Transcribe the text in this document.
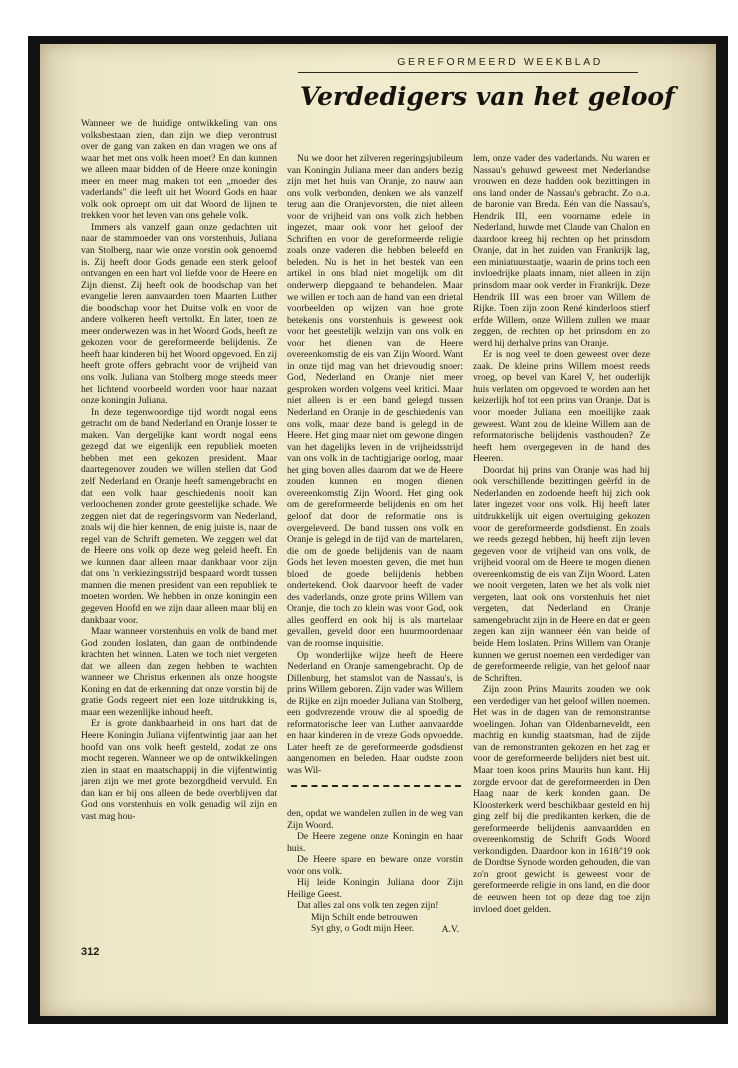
GEREFORMEERD WEEKBLAD
Verdedigers van het geloof

Wanneer we de huidige ontwikkeling van ons volksbestaan zien, dan zijn we diep verontrust over de gang van zaken en dan vragen we ons af waar het met ons volk heen moet? En dan kunnen we alleen maar bidden of de Heere onze koningin meer en meer mag maken tot een „moeder des vaderlands" die leeft uit het Woord Gods en haar volk ook oproept om uit dat Woord de lijnen te trekken voor het leven van ons gehele volk.

Immers als vanzelf gaan onze gedachten uit naar de stammoeder van ons vorstenhuis, Juliana van Stolberg, naar wie onze vorstin ook genoemd is. Zij heeft door Gods genade een sterk geloof ontvangen en een hart vol liefde voor de Heere en Zijn dienst. Zij heeft ook de boodschap van het evangelie leren aanvaarden toen Maarten Luther die boodschap voor het Duitse volk en voor de andere volkeren heeft vertolkt. En later, toen ze meer onderwezen was in het Woord Gods, heeft ze gekozen voor de gereformeerde belijdenis. Ze heeft haar kinderen bij het Woord opgevoed. En zij heeft grote offers gebracht voor de vrijheid van ons volk. Juliana van Stolberg moge steeds meer het lichtend voorbeeld worden voor haar nazaat onze koningin Juliana.

In deze tegenwoordige tijd wordt nogal eens getracht om de band Nederland en Oranje losser te maken. Van dergelijke kant wordt nogal eens gezegd dat we eigenlijk een republiek moeten hebben met een gekozen president. Maar daartegenover zouden we willen stellen dat God zelf Nederland en Oranje heeft samengebracht en dat een volk haar geschiedenis nooit kan verloochenen zonder grote geestelijke schade. We zeggen niet dat de regeringsvorm van Nederland, zoals wij die hier kennen, de enig juiste is, naar de regel van de Schrift gemeten. We zeggen wel dat de Heere ons volk op deze weg geleid heeft. En we kunnen daar alleen maar dankbaar voor zijn dat ons 'n verkiezingsstrijd bespaard wordt tussen mannen die menen president van een republiek te moeten worden. We hebben in onze koningin een gegeven Hoofd en we zijn daar alleen maar blij en dankbaar voor.

Maar wanneer vorstenhuis en volk de band met God zouden loslaten, dan gaan de ontbindende krachten het winnen. Laten we toch niet vergeten dat we alleen dan zegen hebben te wachten wanneer we Christus erkennen als onze hoogste Koning en dat de erkenning dat onze vorstin bij de gratie Gods regeert niet een loze uitdrukking is, maar een wezenlijke inhoud heeft.

Er is grote dankbaarheid in ons hart dat de Heere Koningin Juliana vijfentwintig jaar aan het hoofd van ons volk heeft gesteld, zodat ze ons mocht regeren. Wanneer we op de ontwikkelingen zien in staat en maatschappij in die vijfentwintig jaren zijn we met grote bezorgdheid vervuld. En dan kan er bij ons alleen de bede overblijven dat God ons vorstenhuis en volk genadig wil zijn en vast mag hou-

Nu we door het zilveren regeringsjubileum van Koningin Juliana meer dan anders bezig zijn met het huis van Oranje, zo nauw aan ons volk verbonden, denken we als vanzelf terug aan die Oranjevorsten, die niet alleen voor de vrijheid van ons volk zich hebben ingezet, maar ook voor het geloof der Schriften en voor de gereformeerde religie zoals onze vaderen die hebben beleefd en beleden. Nu is het in het bestek van een artikel in ons blad niet mogelijk om dit onderwerp diepgaand te behandelen. Maar we willen er toch aan de hand van een drietal voorbeelden op wijzen van hoe grote betekenis ons vorstenhuis is geweest ook voor het geestelijk welzijn van ons volk en voor het dienen van de Heere overeenkomstig de eis van Zijn Woord. Want in onze tijd mag van het drievoudig snoer: God, Nederland en Oranje niet meer gesproken worden volgens veel kritici. Maar niet alleen is er een band gelegd tussen Nederland en Oranje in de geschiedenis van ons volk, maar deze band is gelegd in de Heere. Het ging maar niet om gewone dingen van het dagelijks leven in de vrijheidsstrijd van ons volk in de tachtigjarige oorlog, maar het ging boven alles daarom dat we de Heere zouden kunnen en mogen dienen overeenkomstig Zijn Woord. Het ging ook om de gereformeerde belijdenis en om het geloof dat door de reformatie ons is overgeleverd. De band tussen ons volk en Oranje is gelegd in de tijd van de martelaren, die om de goede belijdenis van de naam Gods het leven moesten geven, die met hun bloed de goede belijdenis hebben ondertekend. Ook daarvoor heeft de vader des vaderlands, onze grote prins Willem van Oranje, die toch zo klein was voor God, ook alles geofferd en ook hij is als martelaar gevallen, geveld door een huurmoordenaar van de roomse inquisitie.

Op wonderlijke wijze heeft de Heere Nederland en Oranje samengebracht. Op de Dillenburg, het stamslot van de Nassau's, is prins Willem geboren. Zijn vader was Willem de Rijke en zijn moeder Juliana van Stolberg, een godvrezende vrouw die al spoedig de reformatorische leer van Luther aanvaardde en haar kinderen in de vreze Gods opvoedde. Later heeft ze de gereformeerde godsdienst aangenomen en beleden. Haar oudste zoon was Wil-

den, opdat we wandelen zullen in de weg van Zijn Woord.

De Heere zegene onze Koningin en haar huis.

De Heere spare en beware onze vorstin voor ons volk.

Hij leide Koningin Juliana door Zijn Heilige Geest.

Dat alles zal ons volk ten zegen zijn!

Mijn Schilt ende betrouwen

Syt ghy, o Godt mijn Heer.	A.V.

lem, onze vader des vaderlands. Nu waren er Nassau's gehuwd geweest met Nederlandse vrouwen en deze hadden ook bezittingen in ons land onder de Nassau's gebracht. Zo o.a. de baronie van Breda. Eén van die Nassau's, Hendrik III, een voorname edele in Nederland, huwde met Claude van Chalon en daardoor kreeg hij rechten op het prinsdom Oranje, dat in het zuiden van Frankrijk lag, een miniatuurstaatje, waarin de prins toch een invloedrijke plaats innam, niet alleen in zijn prinsdom maar ook verder in Frankrijk. Deze Hendrik III was een broer van Willem de Rijke. Toen zijn zoon René kinderloos stierf erfde Willem, onze Willem zullen we maar zeggen, de rechten op het prinsdom en zo werd hij derhalve prins van Oranje.

Er is nog veel te doen geweest over deze zaak. De kleine prins Willem moest reeds vroeg, op bevel van Karel V, het ouderlijk huis verlaten om opgevoed te worden aan het keizerlijk hof tot een prins van Oranje. Dat is voor moeder Juliana een moeilijke zaak geweest. Want zou de kleine Willem aan de reformatorische belijdenis vasthouden? Ze heeft hem overgegeven in de hand des Heeren.

Doordat hij prins van Oranje was had hij ook verschillende bezittingen geërfd in de Nederlanden en zodoende heeft hij zich ook later ingezet voor ons volk. Hij heeft later uitdrukkelijk uit eigen overtuiging gekozen voor de gereformeerde godsdienst. En zoals we reeds gezegd hebben, hij heeft zijn leven gegeven voor de vrijheid van ons volk, de vrijheid vooral om de Heere te mogen dienen overeenkomstig de eis van Zijn Woord. Laten we nooit vergeten, laten we het als volk niet vergeten, laat ook ons vorstenhuis het niet vergeten, dat Nederland en Oranje samengebracht zijn in de Heere en dat er geen zegen kan zijn wanneer één van beide of beide Hem loslaten. Prins Willem van Oranje kunnen we gerust noemen een verdediger van de gereformeerde religie, van het geloof naar de Schriften.

Zijn zoon Prins Maurits zouden we ook een verdediger van het geloof willen noemen. Het was in de dagen van de remonstrantse woelingen. Johan van Oldenbarneveldt, een machtig en kundig staatsman, had de zijde van de remonstranten gekozen en het zag er voor de gereformeerde belijders niet best uit. Maar toen koos prins Maurits hun kant. Hij zorgde ervoor dat de gereformeerden in Den Haag naar de kerk konden gaan. De Kloosterkerk werd beschikbaar gesteld en hij ging zelf bij die predikanten kerken, die de gereformeerde belijdenis aanvaardden en overeenkomstig de Schrift Gods Woord verkondigden. Daardoor kon in 1618/'19 ook de Dordtse Synode worden gehouden, die van zo'n groot gewicht is geweest voor de gereformeerde religie in ons land, en die door de eeuwen heen tot op deze dag toe zijn invloed doet gelden.

312
